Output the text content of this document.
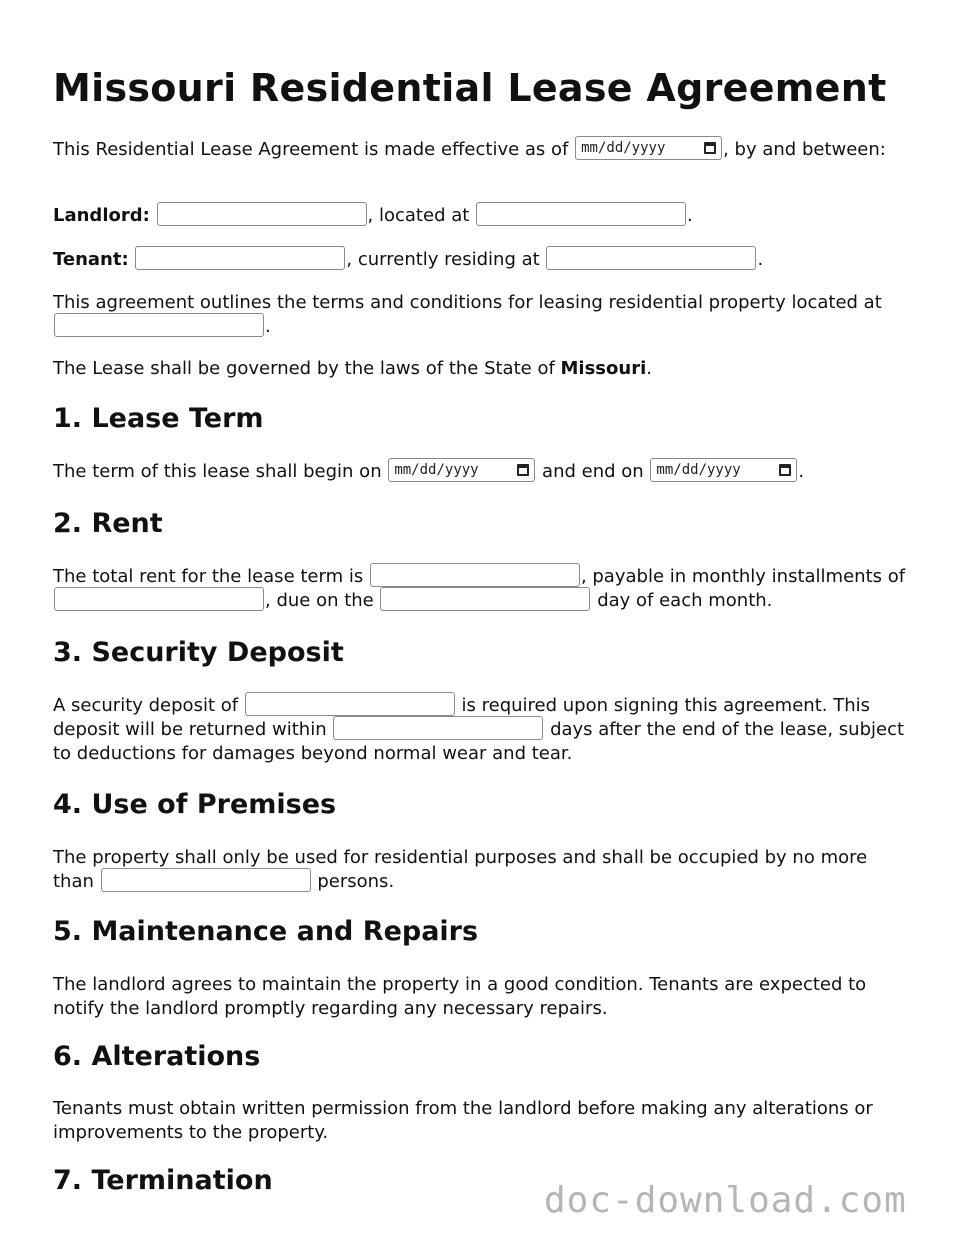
Missouri Residential Lease Agreement

This Residential Lease Agreement is made effective as of mm/dd/yyyy	, by and between:

Landlord:	, located at	.

Tenant:	, currently residing at	.

This agreement outlines the terms and conditions for leasing residential property located at .

The Lease shall be governed by the laws of the State of Missouri.

1. Lease Term

The term of this lease shall begin on mm/dd/yyyy	and end on mm/dd/yyyy	.

2. Rent

The total rent for the lease term is	, payable in monthly installments of , due on the	day of each month.

3. Security Deposit

A security deposit of	is required upon signing this agreement. This deposit will be returned within	days after the end of the lease, subject to deductions for damages beyond normal wear and tear.

4. Use of Premises

The property shall only be used for residential purposes and shall be occupied by no more than	persons.

5. Maintenance and Repairs

The landlord agrees to maintain the property in a good condition. Tenants are expected to notify the landlord promptly regarding any necessary repairs.

6. Alterations

Tenants must obtain written permission from the landlord before making any alterations or improvements to the property.

7. Termination	doc-download.com
